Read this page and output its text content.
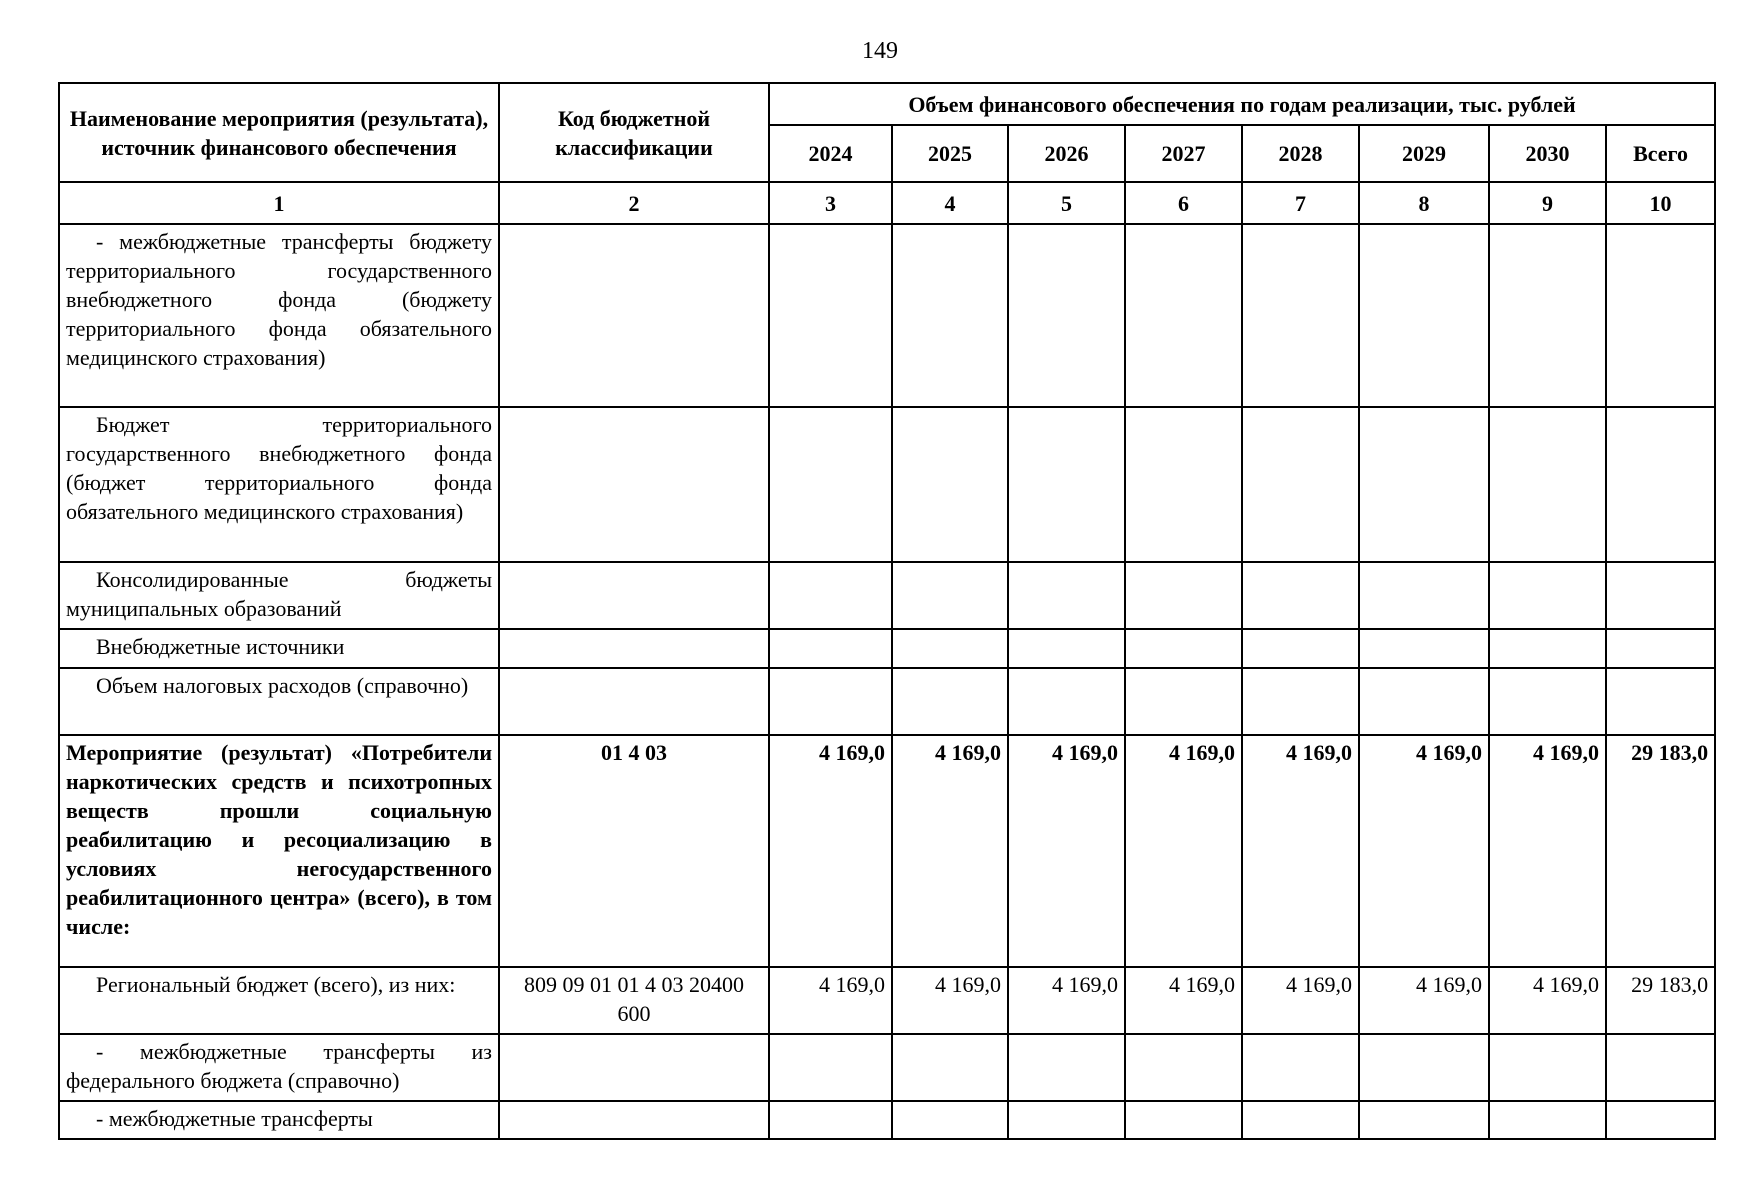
149
Наименование мероприятия (результата), источник финансового обеспечения	Код бюджетной классификации	Объем финансового обеспечения по годам реализации, тыс. рублей							
		2024	2025	2026	2027	2028	2029	2030	Всего
1	2	3	4	5	6	7	8	9	10
- межбюджетные трансферты бюджету территориального государственного внебюджетного фонда (бюджету территориального фонда обязательного медицинского страхования)									
Бюджет территориального государственного внебюджетного фонда (бюджет территориального фонда обязательного медицинского страхования)									
Консолидированные бюджеты муниципальных образований									
Внебюджетные источники									
Объем налоговых расходов (справочно)									
Мероприятие (результат) «Потребители наркотических средств и психотропных веществ прошли социальную реабилитацию и ресоциализацию в условиях негосударственного реабилитационного центра» (всего), в том числе:	01 4 03	4 169,0	4 169,0	4 169,0	4 169,0	4 169,0	4 169,0	4 169,0	29 183,0
Региональный бюджет (всего), из них:	809 09 01 01 4 03 20400 600	4 169,0	4 169,0	4 169,0	4 169,0	4 169,0	4 169,0	4 169,0	29 183,0
- межбюджетные трансферты из федерального бюджета (справочно)									
- межбюджетные трансферты									
